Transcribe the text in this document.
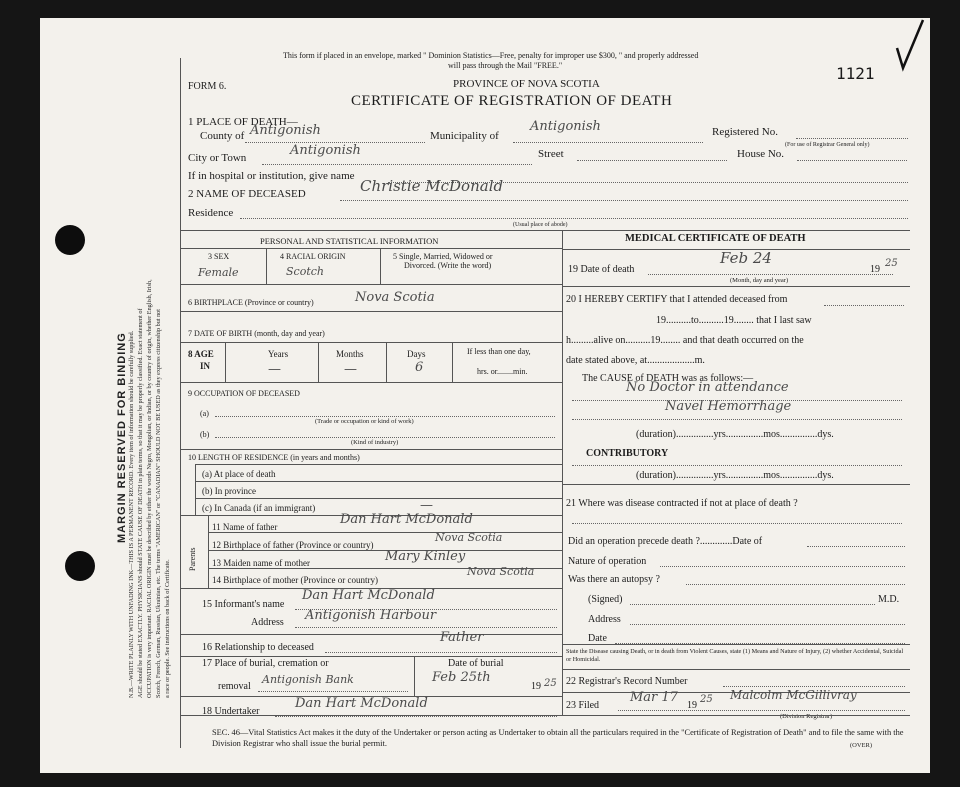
MARGIN RESERVED FOR BINDING N.B.—WRITE PLAINLY WITH UNFADING INK—THIS IS A PERMANENT RECORD. Every item of information should be carefully supplied. AGE should be stated EXACTLY. PHYSICIANS should STATE CAUSE OF DEATH in plain terms, so that it may be properly classified. Exact statement of OCCUPATION is very important. RACIAL ORIGIN must be described by either the words Negro, Mongolian, or Indian, or by country of origin, whether English, Irish, Scotch, French, German, Russian, Ukrainian, etc. The terms "AMERICAN" or "CANADIAN" SHOULD NOT BE USED as they express citizenship but not a race or people. See instructions on back of Certificate.
This form if placed in an envelope, marked " Dominion Statistics—Free, penalty for improper use $300, " and properly addressed
will pass through the Mail "FREE."
FORM 6.	PROVINCE OF NOVA SCOTIA
CERTIFICATE OF REGISTRATION OF DEATH
1121
1 PLACE OF DEATH—
County of Antigonish	Municipality of
Antigonish	Registered No.
(For use of Registrar General only)
City or Town	Antigonish	Street	House No.
If in hospital or institution, give name
2 NAME OF DECEASED	Christie McDonald
Residence
(Usual place of abode)
PERSONAL AND STATISTICAL INFORMATION
3 SEX	4 RACIAL ORIGIN	5 Single, Married, Widowed or
Divorced. (Write the word)
Female	Scotch
6 BIRTHPLACE (Province or country)	Nova Scotia
7 DATE OF BIRTH (month, day and year)
8 AGE
IN
Years	Months	Days	If less than one day,
hrs. or........min.
—	—	6
9 OCCUPATION OF DECEASED
(a)
(Trade or occupation or kind of work)
(b)
(Kind of industry)
10 LENGTH OF RESIDENCE (in years and months)
(a) At place of death
(b) In province
(c) In Canada (if an immigrant)	—
Parents
11 Name of father	Dan Hart McDonald
12 Birthplace of father (Province or country)
Nova Scotia
13 Maiden name of mother	Mary Kinley
14 Birthplace of mother (Province or country)
Nova Scotia
15 Informant's name
Dan Hart McDonald
Address Antigonish Harbour
16 Relationship to deceased
Father
17 Place of burial, cremation or
removal
Antigonish Bank
Date of burial
Feb 25th
19 25
18 Undertaker
Dan Hart McDonald
MEDICAL CERTIFICATE OF DEATH
19 Date of death
Feb 24
19
25
(Month, day and year)
20 I HEREBY CERTIFY that I attended deceased from
19..........to..........19........ that I last saw
h.........alive on..........19........ and that death occurred on the
date stated above, at...................m.
The CAUSE of DEATH was as follows:—
No Doctor in attendance
Navel Hemorrhage
(duration)...............yrs...............mos...............dys.
CONTRIBUTORY
(duration)...............yrs...............mos...............dys.
21 Where was disease contracted if not at place of death ?
Did an operation precede death ?.............Date of
Nature of operation
Was there an autopsy ?
(Signed)	M.D.
Address
Date
State the Disease causing Death, or in death from Violent Causes, state (1) Means and Nature of Injury, (2) whether Accidental, Suicidal or Homicidal.
22 Registrar's Record Number
23 Filed
Mar 17
19
25 Malcolm McGillivray
(Division Registrar)
SEC. 46—Vital Statistics Act makes it the duty of the Undertaker or person acting as Undertaker to obtain all the particulars required in the "Certificate of Registration of Death" and to file the same with the Division Registrar who shall issue the burial permit.	(OVER)
